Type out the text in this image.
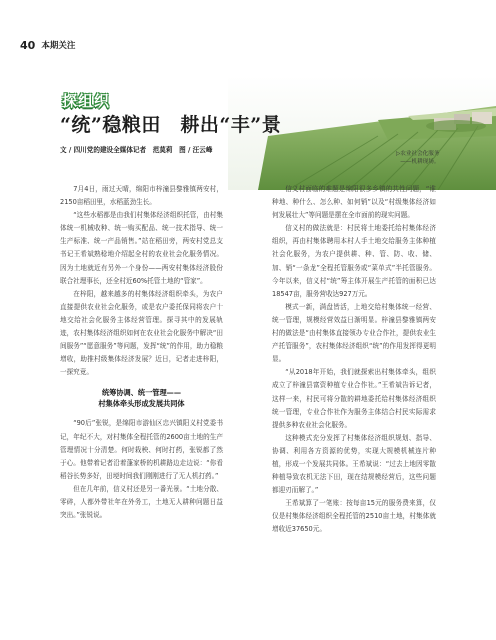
40 本期关注
探组织
“统”稳粮田　耕出“丰”景
文 / 四川党的建设全媒体记者　范莫莉　图 / 汪云峰	▷农业社会化服务
——机耕现场。

7月4日，雨过天晴，绵阳市梓潼县黎雅镇两安村，2150亩稻田里，水稻蓝劲生长。

“这些水稻都是由我们村集体经济组织托管，由村集体统一机械收种、统一购买配品、统一技术指导、统一生产标准、统一产品销售。”站在稻田旁，两安村党总支书记王希斌熟稔地介绍起全村的农业社会化服务情况。因为土地就近有另外一个身份——两安村集体经济股份联合社理事长，还全村近60%托管土地的“管家”。

在梓阳，越来越多的村集体经济组织牵头，为农户直接提供农业社会化服务，或是农户委托保同将农户十地交给社会化服务主体经营管理。探寻其中的发展轨迹，农村集体经济组织如何在农业社会化服务中解决“田间服务”“愿意服务”等问题，发挥“统”的作用，助力稳粮增收，助推村级集体经济发展？近日，记者走进梓阳，一探究竟。

统筹协调、统一管理——
村集体牵头形成发展共同体

“90后”张锐，是绵阳市游仙区忠兴镇阳义村党委书记，年纪不大，对村集体全程托管的2600亩土地的生产管理情况十分清楚。何时栽秧、何时打药，张锐都了然于心。他带着记者沿着蓬家桥的机耕路边走边说：“你看稻谷长势多好，田埂时间我们刚刚进行了无人机打药。”

但在几年前，信义村还是另一番光景。“土地分散、零碎，人都外带社年在外务工，土地无人耕种问题日益突出。”张锐说。

信义村面临的难题是绵阳很多乡镇的共性问题，“谁种地、种什么、怎么种、如何销”以及“村级集体经济如何发展壮大”等问题是摆在全市面前的现实问题。

信义村的做法就是：村民将土地委托给村集体经济组织，再由村集体聘用本村人手土地交给服务主体种植社会化服务，为农户提供耕、种、管、防、收、储、加、销“一条龙”全程托管服务或“菜单式”半托管服务。今年以来，信义村“统”筹主体开展生产托管的面积已达18547亩，服务营收达927万元。

模式一新，满盘皆活，上地交给村集体统一经营、统一管理，规模经营效益日渐明显。梓潼县黎雅镇两安村的做法是“由村集体直接领办专业合作社，提供农业生产托管服务”，农村集体经济组织“统”的作用发挥得更明显。

“从2018年开始，我们就探索出村集体牵头，组织成立了梓潼县富资种植专业合作社。”王希斌告诉记者，这样一来，村民可将分散的耕地委托给村集体经济组织统一管理，专业合作社作为服务主体结合村民实际需求提供多种农业社会化服务。

这种模式充分发挥了村集体经济组织规划、指导、协调、利用各方资源的优势，实现大规模机械连片种植，形成一个发展共同体。王希斌说：“过去上地因零散种植导致农机无法下田，现在结规模经营后，这些问题都迎刃而解了。”

王希斌算了一笔账：按每亩15元的服务费来算，仅仅是村集体经济组织全程托管的2510亩土地，村集体就增收近37650元。
